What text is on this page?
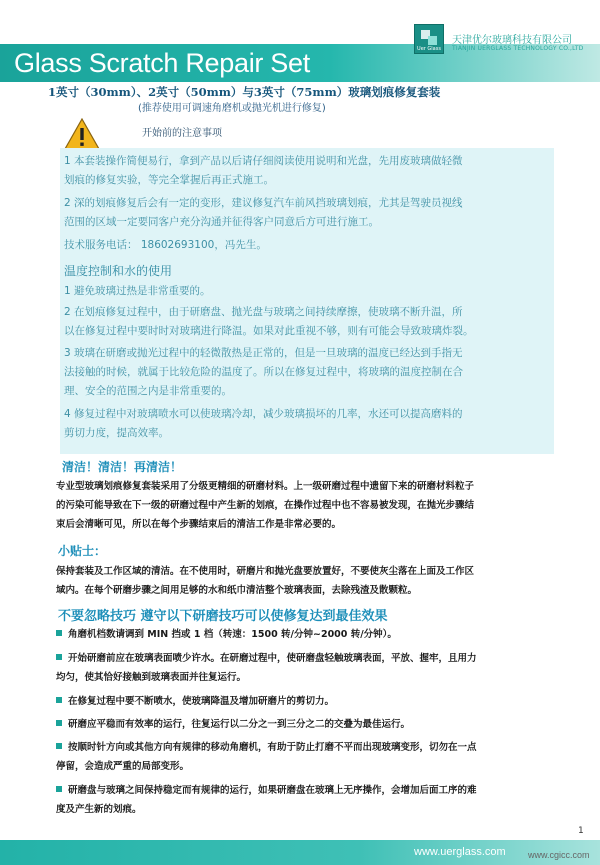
Glass Scratch Repair Set	Uer Glass
天津优尔玻璃科技有限公司
TIANJIN UERGLASS TECHNOLOGY CO.,LTD
1英寸（30mm）、2英寸（50mm）与3英寸（75mm）玻璃划痕修复套装
(推荐使用可调速角磨机或抛光机进行修复)
开始前的注意事项
1 本套装操作简便易行，拿到产品以后请仔细阅读使用说明和光盘，先用废玻璃做轻微
划痕的修复实验，等完全掌握后再正式施工。
2 深的划痕修复后会有一定的变形，建议修复汽车前风挡玻璃划痕，尤其是驾驶员视线
范围的区域一定要同客户充分沟通并征得客户同意后方可进行施工。
技术服务电话： 18602693100，冯先生。
温度控制和水的使用
1 避免玻璃过热是非常重要的。
2 在划痕修复过程中，由于研磨盘、抛光盘与玻璃之间持续摩擦，使玻璃不断升温，所
以在修复过程中要时时对玻璃进行降温。如果对此重视不够，则有可能会导致玻璃炸裂。
3 玻璃在研磨或抛光过程中的轻微散热是正常的，但是一旦玻璃的温度已经达到手指无
法接触的时候，就属于比较危险的温度了。所以在修复过程中，将玻璃的温度控制在合
理、安全的范围之内是非常重要的。
4 修复过程中对玻璃喷水可以使玻璃冷却，减少玻璃损坏的几率，水还可以提高磨料的
剪切力度，提高效率。
清洁！清洁！再清洁！
专业型玻璃划痕修复套装采用了分级更精细的研磨材料。上一级研磨过程中遗留下来的研磨材料粒子
的污染可能导致在下一级的研磨过程中产生新的划痕，在操作过程中也不容易被发现，在抛光步骤结
束后会清晰可见，所以在每个步骤结束后的清洁工作是非常必要的。
小贴士：
保持套装及工作区域的清洁。在不使用时，研磨片和抛光盘要放置好，不要使灰尘落在上面及工作区
域内。在每个研磨步骤之间用足够的水和纸巾清洁整个玻璃表面，去除残渣及散颗粒。
不要忽略技巧 遵守以下研磨技巧可以使修复达到最佳效果
角磨机档数请调到 MIN 挡或 1 档（转速：1500 转/分钟~2000 转/分钟）。
开始研磨前应在玻璃表面喷少许水。在研磨过程中，使研磨盘轻触玻璃表面，平放、握牢，且用力
均匀，使其恰好接触到玻璃表面并往复运行。
在修复过程中要不断喷水，使玻璃降温及增加研磨片的剪切力。
研磨应平稳而有效率的运行，往复运行以二分之一到三分之二的交叠为最佳运行。
按顺时针方向或其他方向有规律的移动角磨机，有助于防止打磨不平而出现玻璃变形，切勿在一点
停留，会造成严重的局部变形。
研磨盘与玻璃之间保持稳定而有规律的运行，如果研磨盘在玻璃上无序操作，会增加后面工序的难
度及产生新的划痕。
1
www.uerglass.com www.cgicc.com
